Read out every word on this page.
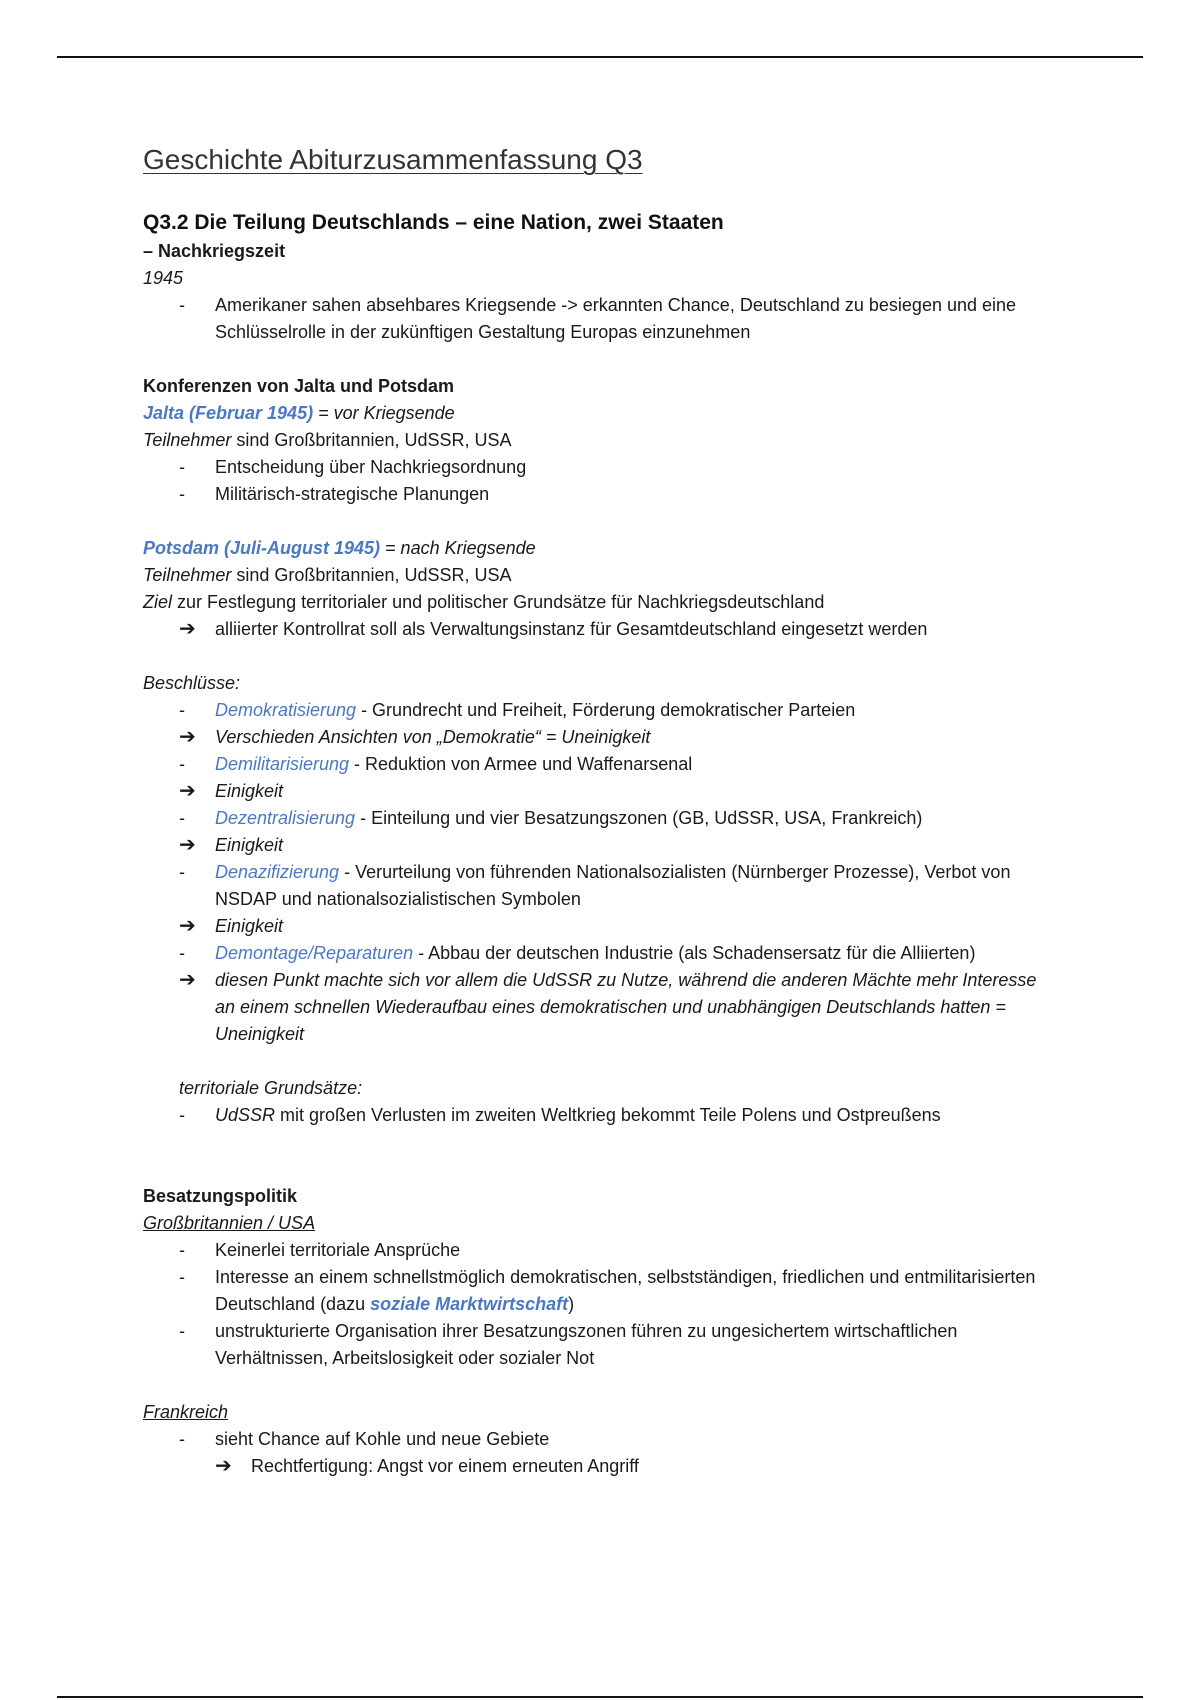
Geschichte Abiturzusammenfassung Q3
Q3.2 Die Teilung Deutschlands – eine Nation, zwei Staaten
– Nachkriegszeit
1945
-	Amerikaner sahen absehbares Kriegsende -> erkannten Chance, Deutschland zu besiegen und eine Schlüsselrolle in der zukünftigen Gestaltung Europas einzunehmen
Konferenzen von Jalta und Potsdam
Jalta (Februar 1945) = vor Kriegsende
Teilnehmer sind Großbritannien, UdSSR, USA
-	Entscheidung über Nachkriegsordnung
-	Militärisch-strategische Planungen
Potsdam (Juli-August 1945) = nach Kriegsende
Teilnehmer sind Großbritannien, UdSSR, USA
Ziel zur Festlegung territorialer und politischer Grundsätze für Nachkriegsdeutschland
➔ alliierter Kontrollrat soll als Verwaltungsinstanz für Gesamtdeutschland eingesetzt werden
Beschlüsse:
-	Demokratisierung - Grundrecht und Freiheit, Förderung demokratischer Parteien
➔ Verschieden Ansichten von „Demokratie“ = Uneinigkeit
-	Demilitarisierung - Reduktion von Armee und Waffenarsenal
➔ Einigkeit
-	Dezentralisierung - Einteilung und vier Besatzungszonen (GB, UdSSR, USA, Frankreich)
➔ Einigkeit
-	Denazifizierung - Verurteilung von führenden Nationalsozialisten (Nürnberger Prozesse), Verbot von NSDAP und nationalsozialistischen Symbolen
➔ Einigkeit
-	Demontage/Reparaturen - Abbau der deutschen Industrie (als Schadensersatz für die Alliierten)
➔ diesen Punkt machte sich vor allem die UdSSR zu Nutze, während die anderen Mächte mehr Interesse an einem schnellen Wiederaufbau eines demokratischen und unabhängigen Deutschlands hatten = Uneinigkeit
territoriale Grundsätze:
-	UdSSR mit großen Verlusten im zweiten Weltkrieg bekommt Teile Polens und Ostpreußens
Besatzungspolitik
Großbritannien / USA
-	Keinerlei territoriale Ansprüche
-	Interesse an einem schnellstmöglich demokratischen, selbstständigen, friedlichen und entmilitarisierten Deutschland (dazu soziale Marktwirtschaft)
-	unstrukturierte Organisation ihrer Besatzungszonen führen zu ungesichertem wirtschaftlichen Verhältnissen, Arbeitslosigkeit oder sozialer Not
Frankreich
-	sieht Chance auf Kohle und neue Gebiete
➔ Rechtfertigung: Angst vor einem erneuten Angriff
